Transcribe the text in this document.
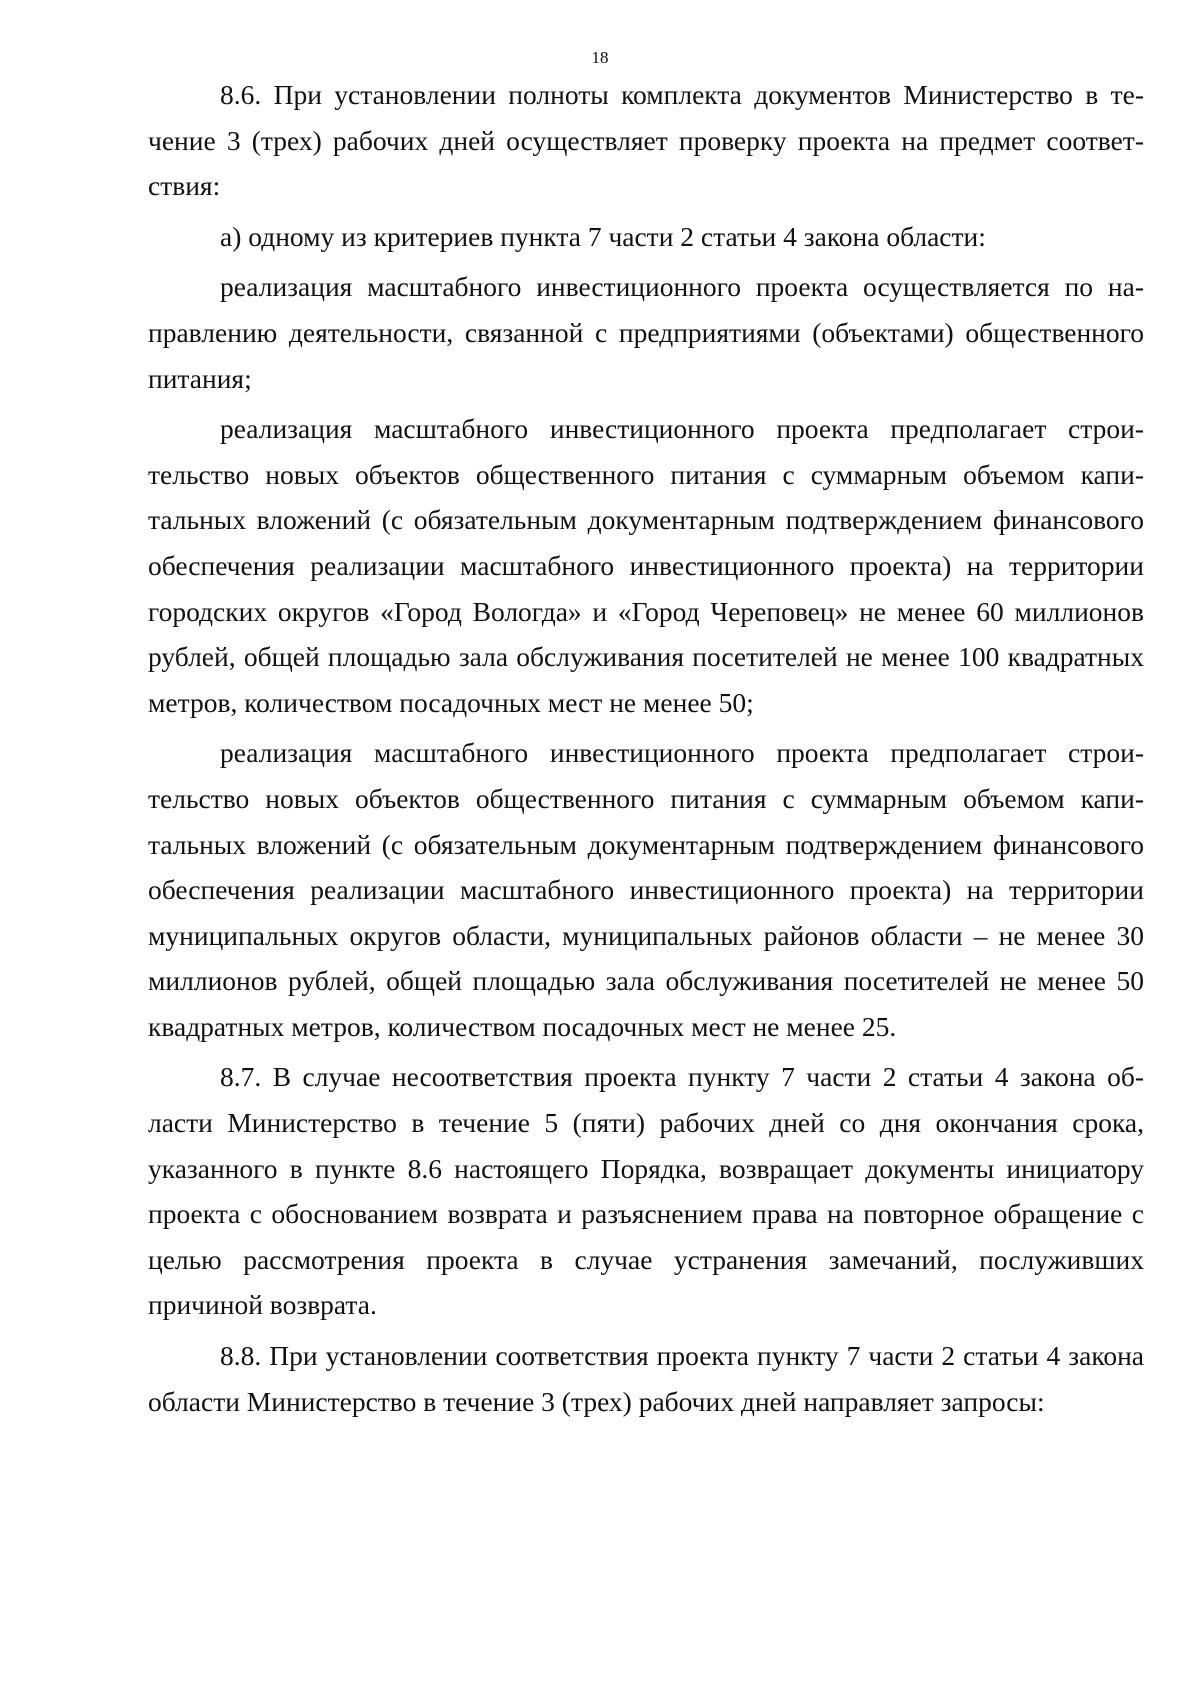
18

8.6. При установлении полноты комплекта документов Министерство в течение 3 (трех) рабочих дней осуществляет проверку проекта на предмет соответствия:

а) одному из критериев пункта 7 части 2 статьи 4 закона области:

реализация масштабного инвестиционного проекта осуществляется по направлению деятельности, связанной с предприятиями (объектами) общественного питания;

реализация масштабного инвестиционного проекта предполагает строительство новых объектов общественного питания с суммарным объемом капитальных вложений (с обязательным документарным подтверждением финансового обеспечения реализации масштабного инвестиционного проекта) на территории городских округов «Город Вологда» и «Город Череповец» не менее 60 миллионов рублей, общей площадью зала обслуживания посетителей не менее 100 квадратных метров, количеством посадочных мест не менее 50;

реализация масштабного инвестиционного проекта предполагает строительство новых объектов общественного питания с суммарным объемом капитальных вложений (с обязательным документарным подтверждением финансового обеспечения реализации масштабного инвестиционного проекта) на территории муниципальных округов области, муниципальных районов области – не менее 30 миллионов рублей, общей площадью зала обслуживания посетителей не менее 50 квадратных метров, количеством посадочных мест не менее 25.

8.7. В случае несоответствия проекта пункту 7 части 2 статьи 4 закона области Министерство в течение 5 (пяти) рабочих дней со дня окончания срока, указанного в пункте 8.6 настоящего Порядка, возвращает документы инициатору проекта с обоснованием возврата и разъяснением права на повторное обращение с целью рассмотрения проекта в случае устранения замечаний, послуживших причиной возврата.

8.8. При установлении соответствия проекта пункту 7 части 2 статьи 4 закона области Министерство в течение 3 (трех) рабочих дней направляет запросы:
